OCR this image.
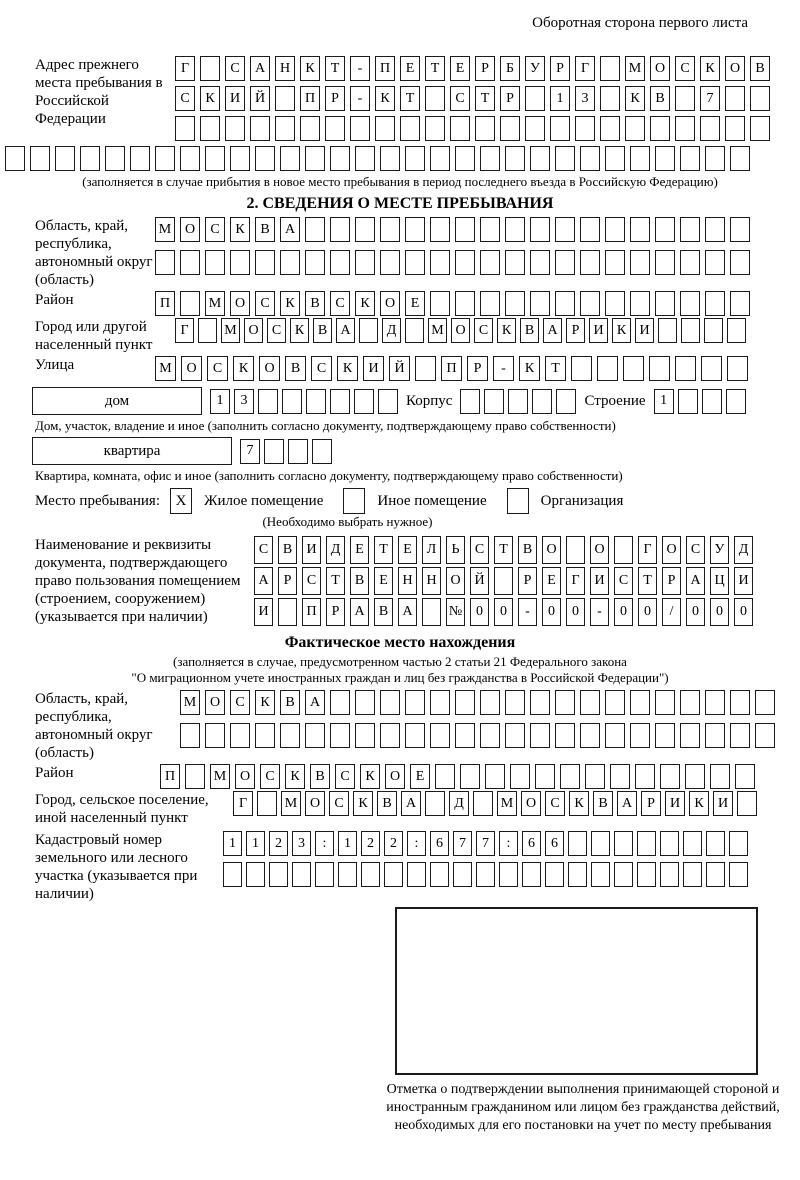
Оборотная сторона первого листа
Адрес прежнего места пребывания в Российской Федерации
Г	С	А	Н	К	Т	-	П	Е	Т	Е	Р	Б	У	Р	Г	М О	С	К	О	В
С	К	И	Й	П	Р	-	К	Т	С	Т	Р	1	3	К	В	7
(заполняется в случае прибытия в новое место пребывания в период последнего въезда в Российскую Федерацию)
2. СВЕДЕНИЯ О МЕСТЕ ПРЕБЫВАНИЯ
Область, край, республика, автономный округ (область)
М О	С	К	В	А
Район	П	М О	С	К	В	С	К	О	Е
Город или другой населенный пункт
Г	М О С К В А	Д	М О С К В А	Р	И К И
Улица	М	О	С	К	О	В	С	К	И	Й	П	Р	-	К	Т
дом	1	3	Корпус	Строение	1
Дом, участок, владение и иное (заполнить согласно документу, подтверждающему право собственности)
квартира	7
Квартира, комната, офис и иное (заполнить согласно документу, подтверждающему право собственности)
Место пребывания:	X	Жилое помещение	Иное помещение	Организация
(Необходимо выбрать нужное)
Наименование и реквизиты документа, подтверждающего право пользования помещением (строением, сооружением) (указывается при наличии)
С	В	И	Д	Е	Т	Е	Л	Ь	С	Т	В	О	О	Г	О	С	У	Д
А	Р	С	Т	В	Е	Н Н О Й	Р	Е	Г	И	С	Т	Р	А Ц И
И	П	Р	А	В	А	№ 0	0	-	0	0	-	0	0	/	0	0	0
Фактическое место нахождения
(заполняется в случае, предусмотренном частью 2 статьи 21 Федерального закона
"О миграционном учете иностранных граждан и лиц без гражданства в Российской Федерации")
Область, край, республика, автономный округ (область)
М О	С	К	В	А
Район	П	М О	С	К	В	С	К	О	Е
Город, сельское поселение, иной населенный пункт
Г	М О	С	К	В	А	Д	М О	С	К	В	А	Р	И	К	И
Кадастровый номер земельного или лесного участка (указывается при наличии)
1	1	2	3	:	1	2	2	:	6	7	7	:	6	6
Отметка о подтверждении выполнения принимающей стороной и иностранным гражданином или лицом без гражданства действий, необходимых для его постановки на учет по месту пребывания
